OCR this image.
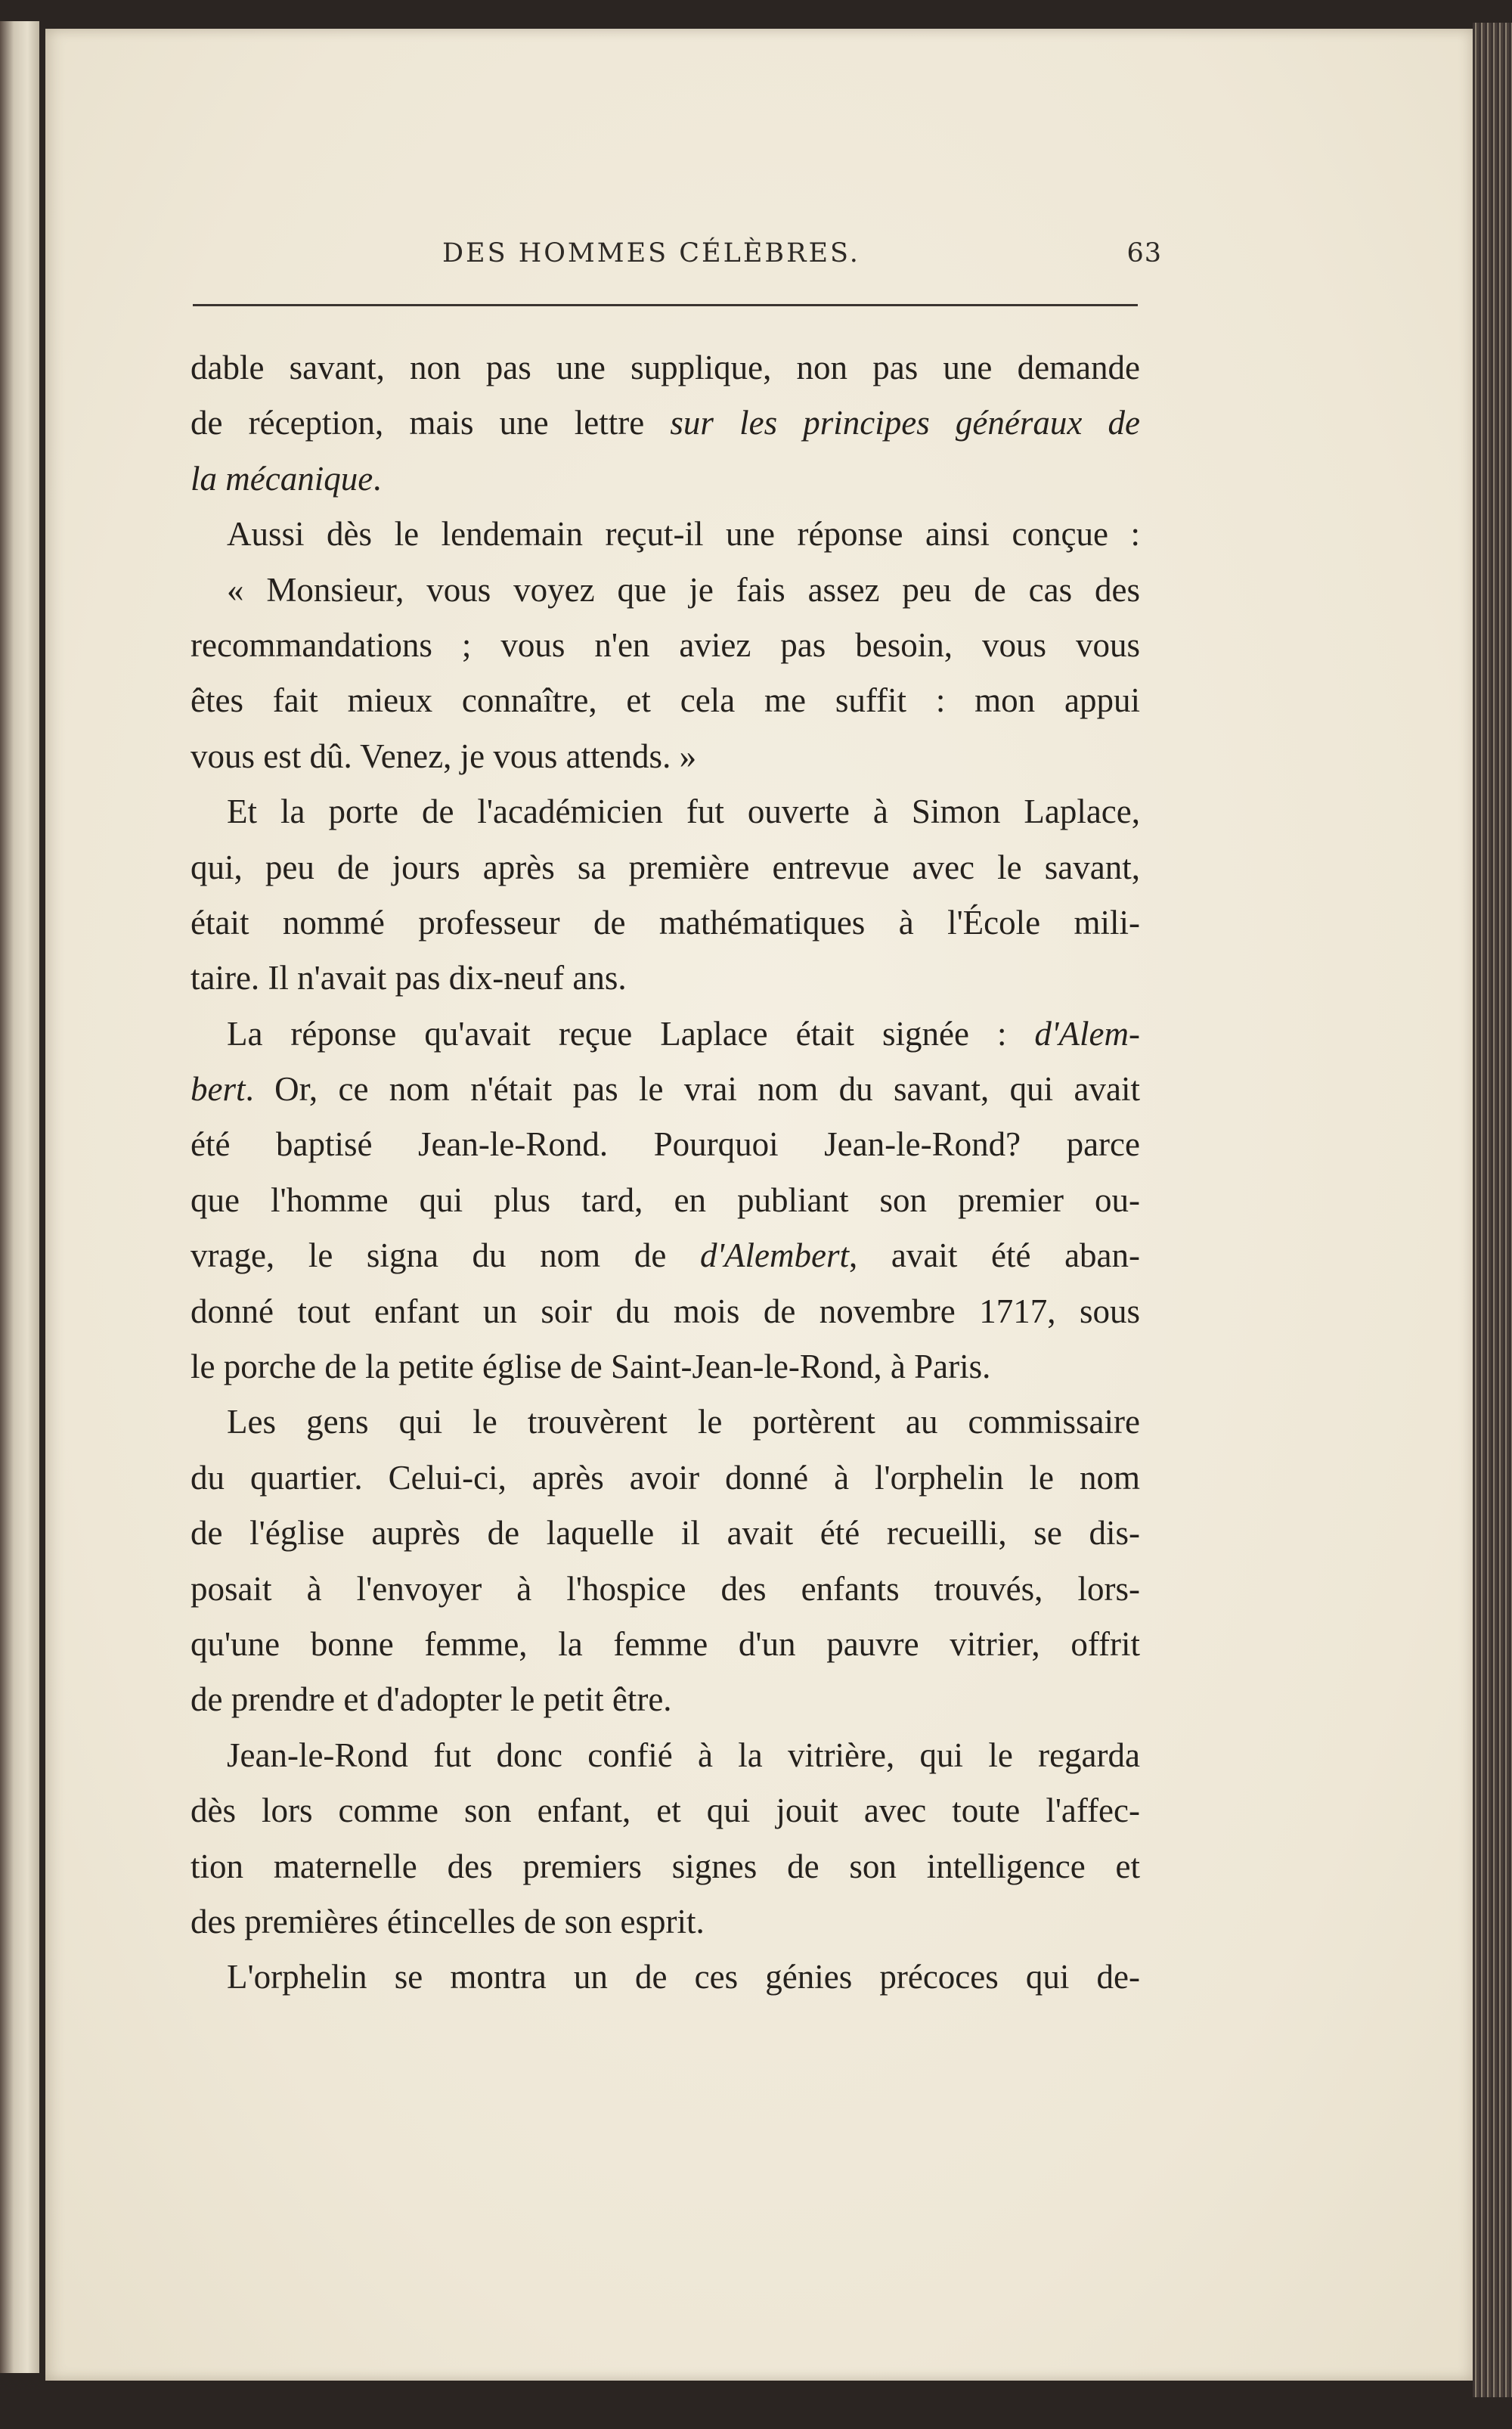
DES HOMMES CÉLÈBRES.	63
dable savant, non pas une supplique, non pas une demande
de réception, mais une lettre sur les principes généraux de
la mécanique.
Aussi dès le lendemain reçut-il une réponse ainsi conçue :
« Monsieur, vous voyez que je fais assez peu de cas des
recommandations ; vous n'en aviez pas besoin, vous vous
êtes fait mieux connaître, et cela me suffit : mon appui
vous est dû. Venez, je vous attends. »
Et la porte de l'académicien fut ouverte à Simon Laplace,
qui, peu de jours après sa première entrevue avec le savant,
était nommé professeur de mathématiques à l'École mili-
taire. Il n'avait pas dix-neuf ans.
La réponse qu'avait reçue Laplace était signée : d'Alem-
bert. Or, ce nom n'était pas le vrai nom du savant, qui avait
été baptisé Jean-le-Rond. Pourquoi Jean-le-Rond? parce
que l'homme qui plus tard, en publiant son premier ou-
vrage, le signa du nom de d'Alembert, avait été aban-
donné tout enfant un soir du mois de novembre 1717, sous
le porche de la petite église de Saint-Jean-le-Rond, à Paris.
Les gens qui le trouvèrent le portèrent au commissaire
du quartier. Celui-ci, après avoir donné à l'orphelin le nom
de l'église auprès de laquelle il avait été recueilli, se dis-
posait à l'envoyer à l'hospice des enfants trouvés, lors-
qu'une bonne femme, la femme d'un pauvre vitrier, offrit
de prendre et d'adopter le petit être.
Jean-le-Rond fut donc confié à la vitrière, qui le regarda
dès lors comme son enfant, et qui jouit avec toute l'affec-
tion maternelle des premiers signes de son intelligence et
des premières étincelles de son esprit.
L'orphelin se montra un de ces génies précoces qui de-
